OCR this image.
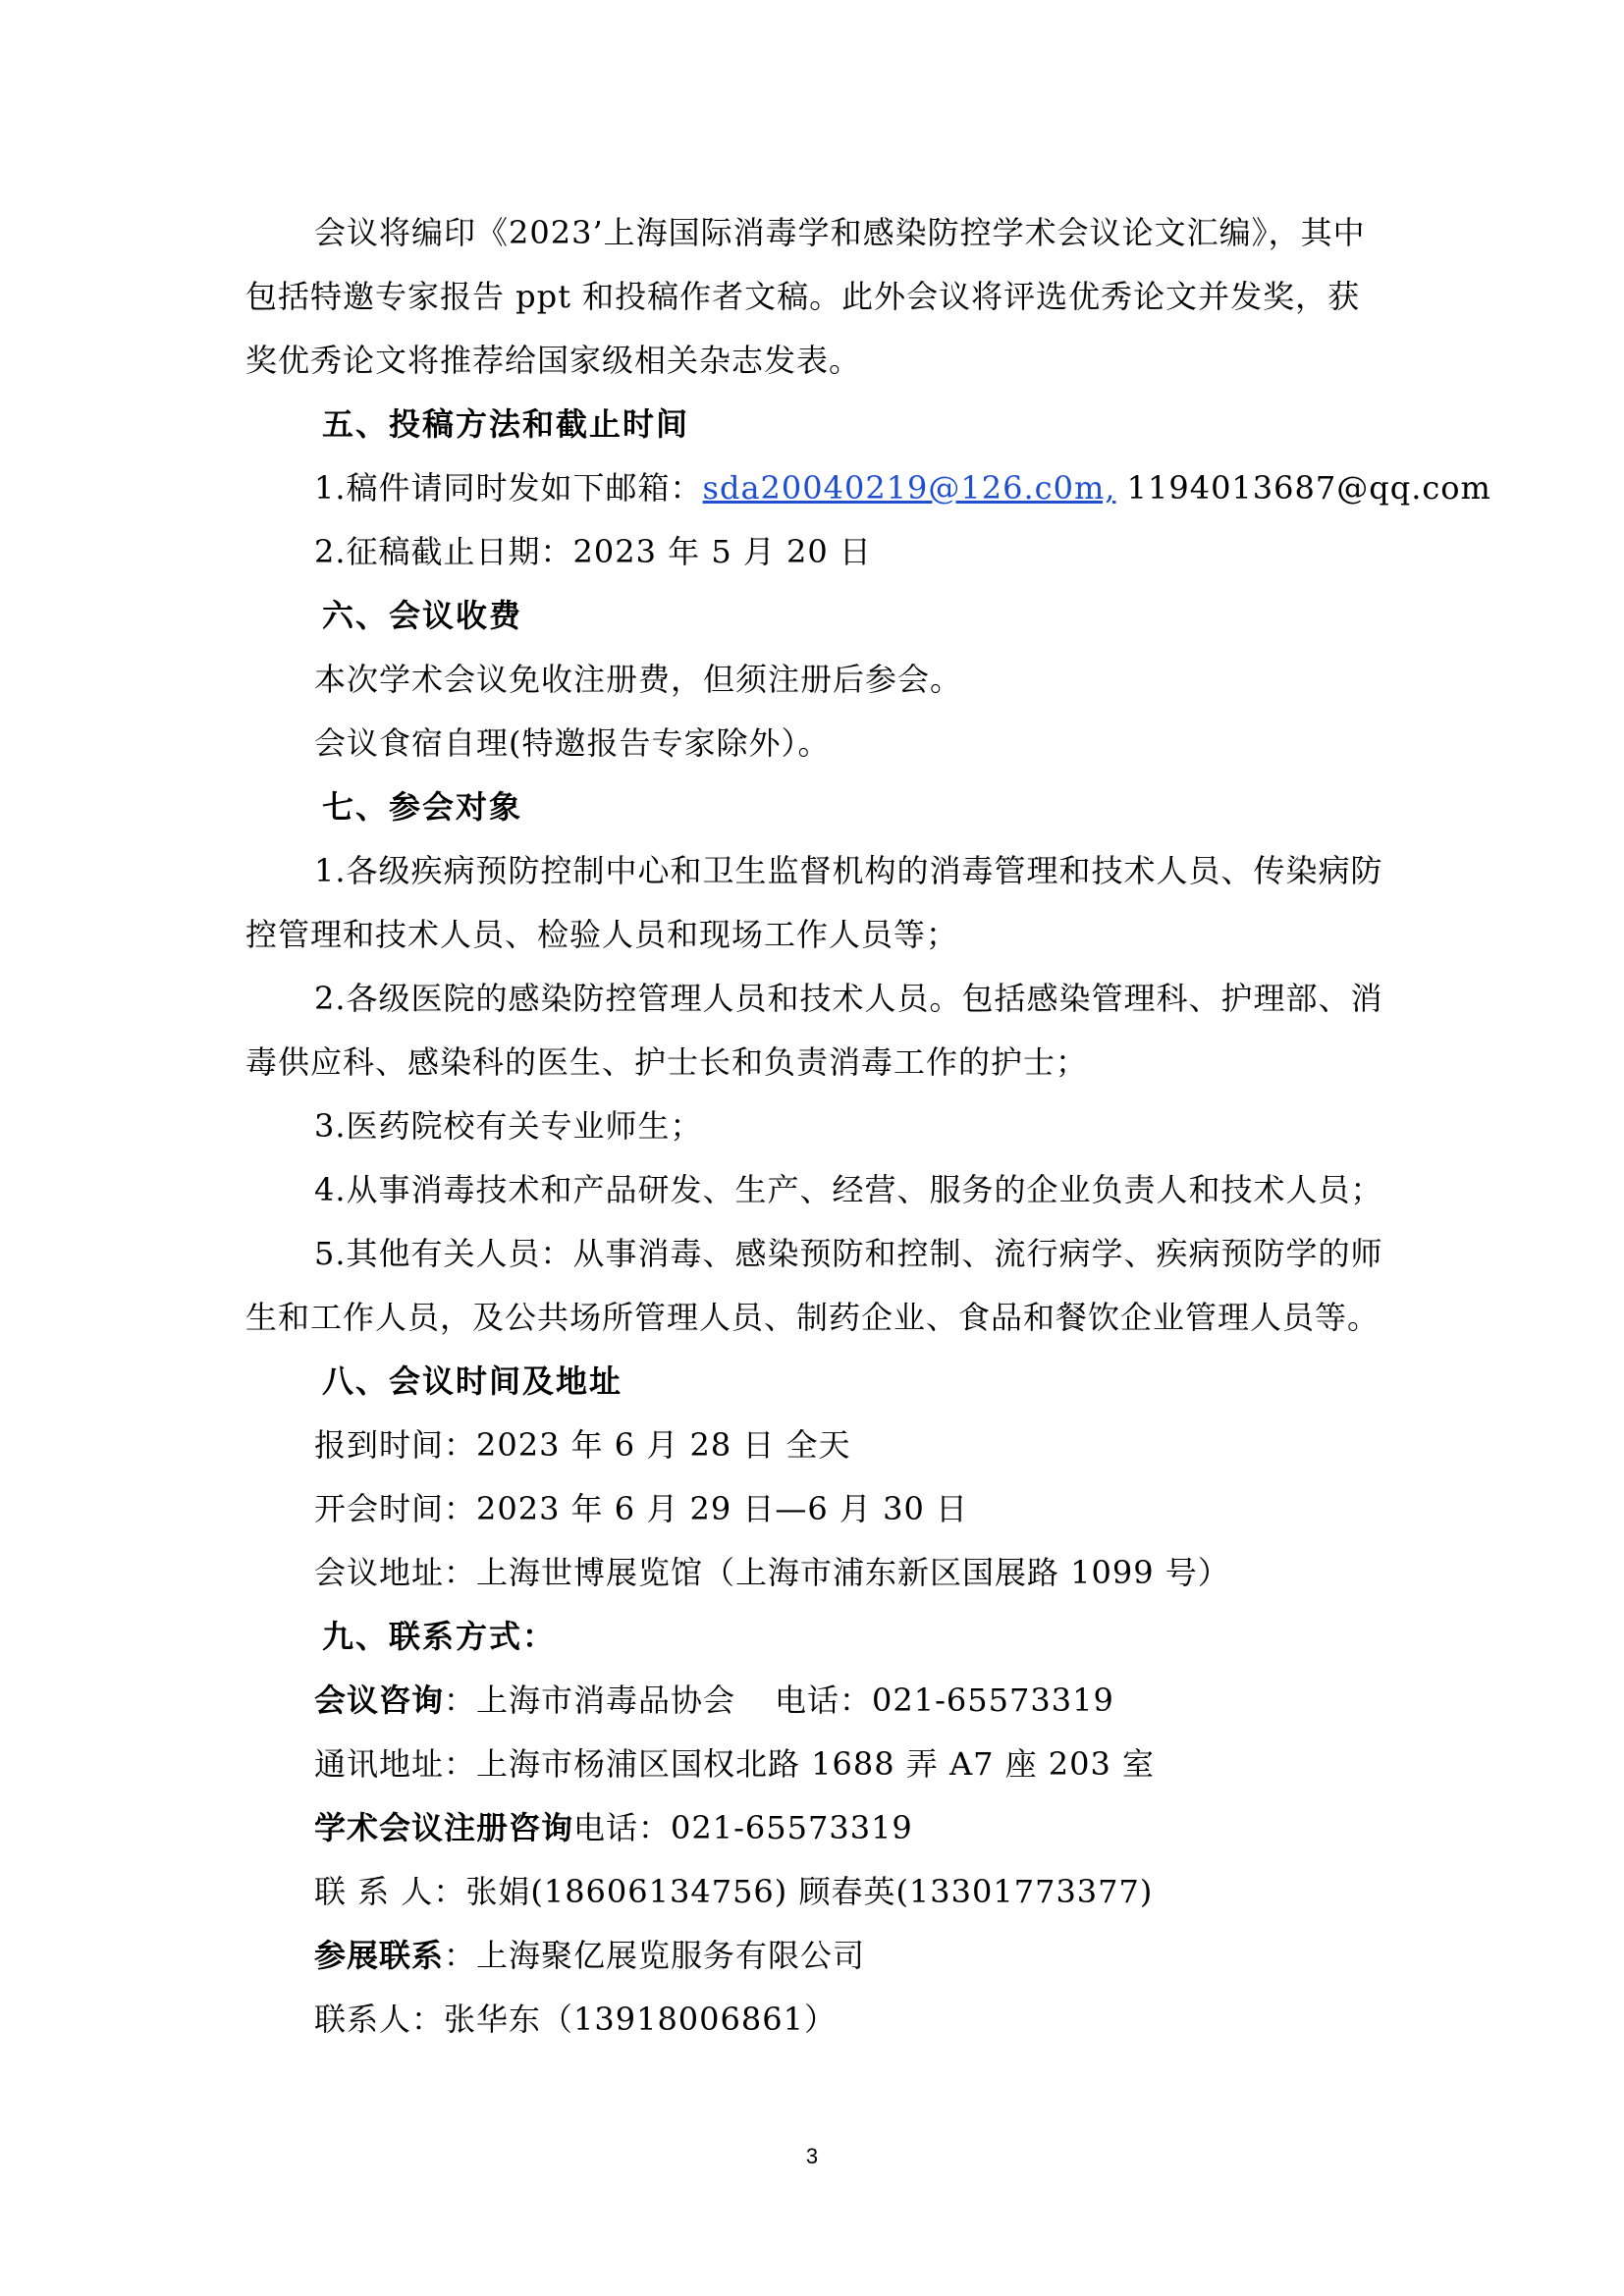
会议将编印《2023’上海国际消毒学和感染防控学术会议论文汇编》，其中
包括特邀专家报告 ppt 和投稿作者文稿。此外会议将评选优秀论文并发奖，获
奖优秀论文将推荐给国家级相关杂志发表。
五、投稿方法和截止时间
1.稿件请同时发如下邮箱：sda20040219@126.c0m, 1194013687@qq.com
2.征稿截止日期：2023 年 5 月 20 日
六、会议收费
本次学术会议免收注册费，但须注册后参会。
会议食宿自理(特邀报告专家除外）。
七、参会对象
1.各级疾病预防控制中心和卫生监督机构的消毒管理和技术人员、传染病防
控管理和技术人员、检验人员和现场工作人员等；
2.各级医院的感染防控管理人员和技术人员。包括感染管理科、护理部、消
毒供应科、感染科的医生、护士长和负责消毒工作的护士；
3.医药院校有关专业师生；
4.从事消毒技术和产品研发、生产、经营、服务的企业负责人和技术人员；
5.其他有关人员：从事消毒、感染预防和控制、流行病学、疾病预防学的师
生和工作人员，及公共场所管理人员、制药企业、食品和餐饮企业管理人员等。
八、会议时间及地址
报到时间：2023 年 6 月 28 日 全天
开会时间：2023 年 6 月 29 日—6 月 30 日
会议地址：上海世博展览馆（上海市浦东新区国展路 1099 号）
九、联系方式：
会议咨询：上海市消毒品协会 电话：021-65573319
通讯地址：上海市杨浦区国权北路 1688 弄 A7 座 203 室
学术会议注册咨询电话：021-65573319
联 系 人：张娟(18606134756) 顾春英(13301773377)
参展联系：上海聚亿展览服务有限公司
联系人：张华东（13918006861）
3
